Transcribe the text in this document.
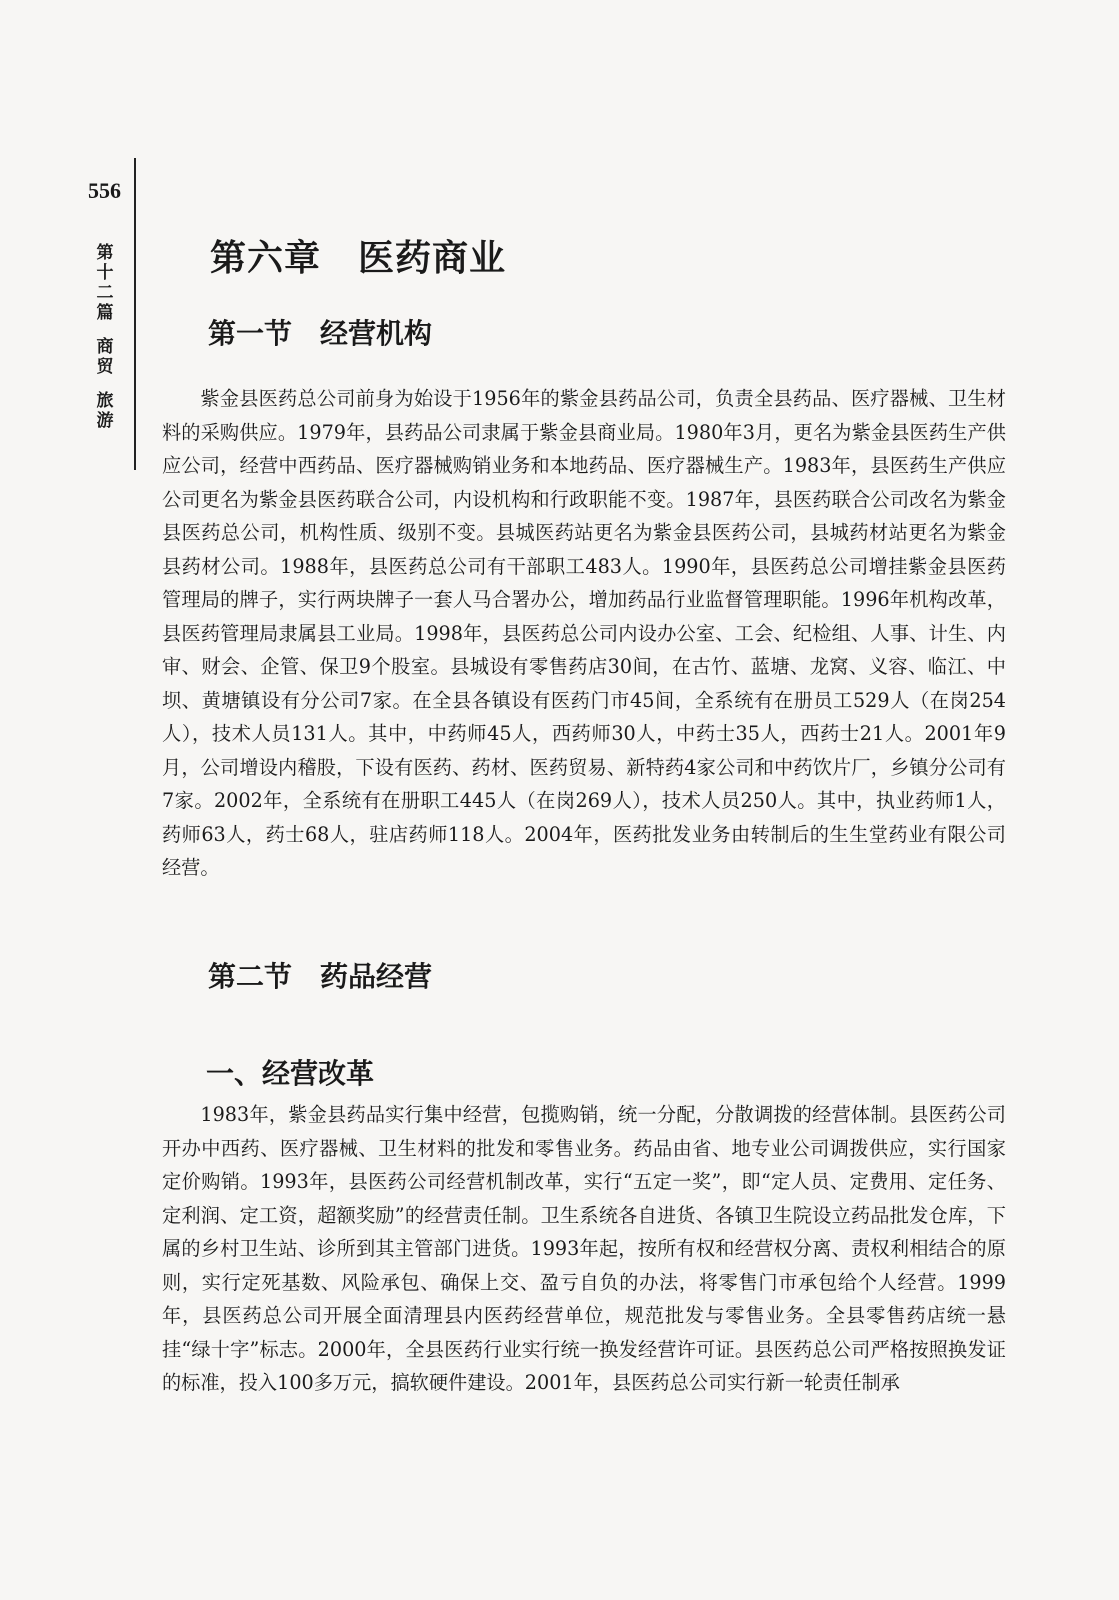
556
第十二篇
商贸
旅游
第六章　医药商业
第一节　经营机构

紫金县医药总公司前身为始设于1956年的紫金县药品公司，负责全县药品、医疗器械、卫生材料的采购供应。1979年，县药品公司隶属于紫金县商业局。1980年3月，更名为紫金县医药生产供应公司，经营中西药品、医疗器械购销业务和本地药品、医疗器械生产。1983年，县医药生产供应公司更名为紫金县医药联合公司，内设机构和行政职能不变。1987年，县医药联合公司改名为紫金县医药总公司，机构性质、级别不变。县城医药站更名为紫金县医药公司，县城药材站更名为紫金县药材公司。1988年，县医药总公司有干部职工483人。1990年，县医药总公司增挂紫金县医药管理局的牌子，实行两块牌子一套人马合署办公，增加药品行业监督管理职能。1996年机构改革，县医药管理局隶属县工业局。1998年，县医药总公司内设办公室、工会、纪检组、人事、计生、内审、财会、企管、保卫9个股室。县城设有零售药店30间，在古竹、蓝塘、龙窝、义容、临江、中坝、黄塘镇设有分公司7家。在全县各镇设有医药门市45间，全系统有在册员工529人（在岗254人），技术人员131人。其中，中药师45人，西药师30人，中药士35人，西药士21人。2001年9月，公司增设内稽股，下设有医药、药材、医药贸易、新特药4家公司和中药饮片厂，乡镇分公司有7家。2002年，全系统有在册职工445人（在岗269人），技术人员250人。其中，执业药师1人，药师63人，药士68人，驻店药师118人。2004年，医药批发业务由转制后的生生堂药业有限公司经营。

第二节　药品经营
一、经营改革

1983年，紫金县药品实行集中经营，包揽购销，统一分配，分散调拨的经营体制。县医药公司开办中西药、医疗器械、卫生材料的批发和零售业务。药品由省、地专业公司调拨供应，实行国家定价购销。1993年，县医药公司经营机制改革，实行“五定一奖”，即“定人员、定费用、定任务、定利润、定工资，超额奖励”的经营责任制。卫生系统各自进货、各镇卫生院设立药品批发仓库，下属的乡村卫生站、诊所到其主管部门进货。1993年起，按所有权和经营权分离、责权利相结合的原则，实行定死基数、风险承包、确保上交、盈亏自负的办法，将零售门市承包给个人经营。1999年，县医药总公司开展全面清理县内医药经营单位，规范批发与零售业务。全县零售药店统一悬挂“绿十字”标志。2000年，全县医药行业实行统一换发经营许可证。县医药总公司严格按照换发证的标准，投入100多万元，搞软硬件建设。2001年，县医药总公司实行新一轮责任制承
